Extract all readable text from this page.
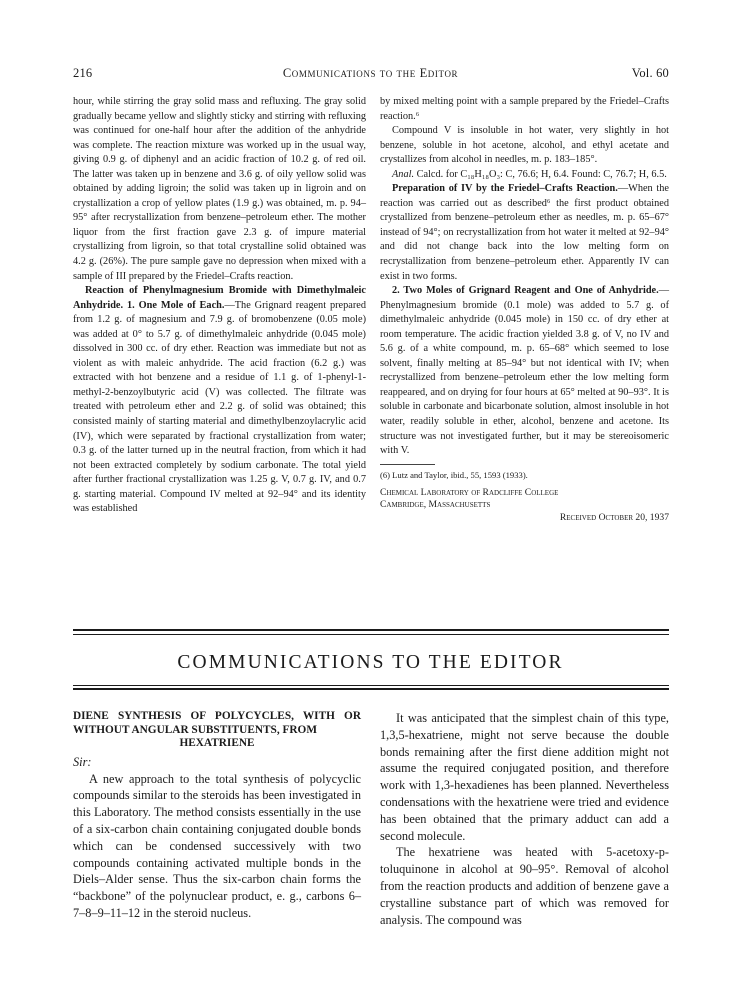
Communications to the Editor
216	Vol. 60

hour, while stirring the gray solid mass and refluxing. The gray solid gradually became yellow and slightly sticky and stirring with refluxing was continued for one-half hour after the addition of the anhydride was complete. The reaction mixture was worked up in the usual way, giving 0.9 g. of diphenyl and an acidic fraction of 10.2 g. of red oil. The latter was taken up in benzene and 3.6 g. of oily yellow solid was obtained by adding ligroin; the solid was taken up in ligroin and on crystallization a crop of yellow plates (1.9 g.) was obtained, m. p. 94–95° after recrystallization from benzene–petroleum ether. The mother liquor from the first fraction gave 2.3 g. of impure material crystallizing from ligroin, so that total crystalline solid obtained was 4.2 g. (26%). The pure sample gave no depression when mixed with a sample of III prepared by the Friedel–Crafts reaction.

Reaction of Phenylmagnesium Bromide with Dimethylmaleic Anhydride. 1. One Mole of Each.—The Grignard reagent prepared from 1.2 g. of magnesium and 7.9 g. of bromobenzene (0.05 mole) was added at 0° to 5.7 g. of dimethylmaleic anhydride (0.045 mole) dissolved in 300 cc. of dry ether. Reaction was immediate but not as violent as with maleic anhydride. The acid fraction (6.2 g.) was extracted with hot benzene and a residue of 1.1 g. of 1-phenyl-1-methyl-2-benzoylbutyric acid (V) was collected. The filtrate was treated with petroleum ether and 2.2 g. of solid was obtained; this consisted mainly of starting material and dimethylbenzoylacrylic acid (IV), which were separated by fractional crystallization from water; 0.3 g. of the latter turned up in the neutral fraction, from which it had not been extracted completely by sodium carbonate. The total yield after further fractional crystallization was 1.25 g. V, 0.7 g. IV, and 0.7 g. starting material. Compound IV melted at 92–94° and its identity was established

by mixed melting point with a sample prepared by the Friedel–Crafts reaction.⁶

Compound V is insoluble in hot water, very slightly in hot benzene, soluble in hot acetone, alcohol, and ethyl acetate and crystallizes from alcohol in needles, m. p. 183–185°.

Anal. Calcd. for C₁₈H₁₈O₃: C, 76.6; H, 6.4. Found: C, 76.7; H, 6.5.

Preparation of IV by the Friedel–Crafts Reaction.—When the reaction was carried out as described⁶ the first product obtained crystallized from benzene–petroleum ether as needles, m. p. 65–67° instead of 94°; on recrystallization from hot water it melted at 92–94° and did not change back into the low melting form on recrystallization from benzene–petroleum ether. Apparently IV can exist in two forms.

2. Two Moles of Grignard Reagent and One of Anhydride.—Phenylmagnesium bromide (0.1 mole) was added to 5.7 g. of dimethylmaleic anhydride (0.045 mole) in 150 cc. of dry ether at room temperature. The acidic fraction yielded 3.8 g. of V, no IV and 5.6 g. of a white compound, m. p. 65–68° which seemed to lose solvent, finally melting at 85–94° but not identical with IV; when recrystallized from benzene–petroleum ether the low melting form reappeared, and on drying for four hours at 65° melted at 90–93°. It is soluble in carbonate and bicarbonate solution, almost insoluble in hot water, readily soluble in ether, alcohol, benzene and acetone. Its structure was not investigated further, but it may be stereoisomeric with V.

(6) Lutz and Taylor, ibid., 55, 1593 (1933).

Chemical Laboratory of Radcliffe College

Cambridge, Massachusetts

Received October 20, 1937

COMMUNICATIONS TO THE EDITOR

DIENE SYNTHESIS OF POLYCYCLES, WITH OR WITHOUT ANGULAR SUBSTITUENTS, FROM
HEXATRIENE

Sir:

A new approach to the total synthesis of polycyclic compounds similar to the steroids has been investigated in this Laboratory. The method consists essentially in the use of a six-carbon chain containing conjugated double bonds which can be condensed successively with two compounds containing activated multiple bonds in the Diels–Alder sense. Thus the six-carbon chain forms the “backbone” of the polynuclear product, e. g., carbons 6–7–8–9–11–12 in the steroid nucleus.

It was anticipated that the simplest chain of this type, 1,3,5-hexatriene, might not serve because the double bonds remaining after the first diene addition might not assume the required conjugated position, and therefore work with 1,3-hexadienes has been planned. Nevertheless condensations with the hexatriene were tried and evidence has been obtained that the primary adduct can add a second molecule.

The hexatriene was heated with 5-acetoxy-p-toluquinone in alcohol at 90–95°. Removal of alcohol from the reaction products and addition of benzene gave a crystalline substance part of which was removed for analysis. The compound was
